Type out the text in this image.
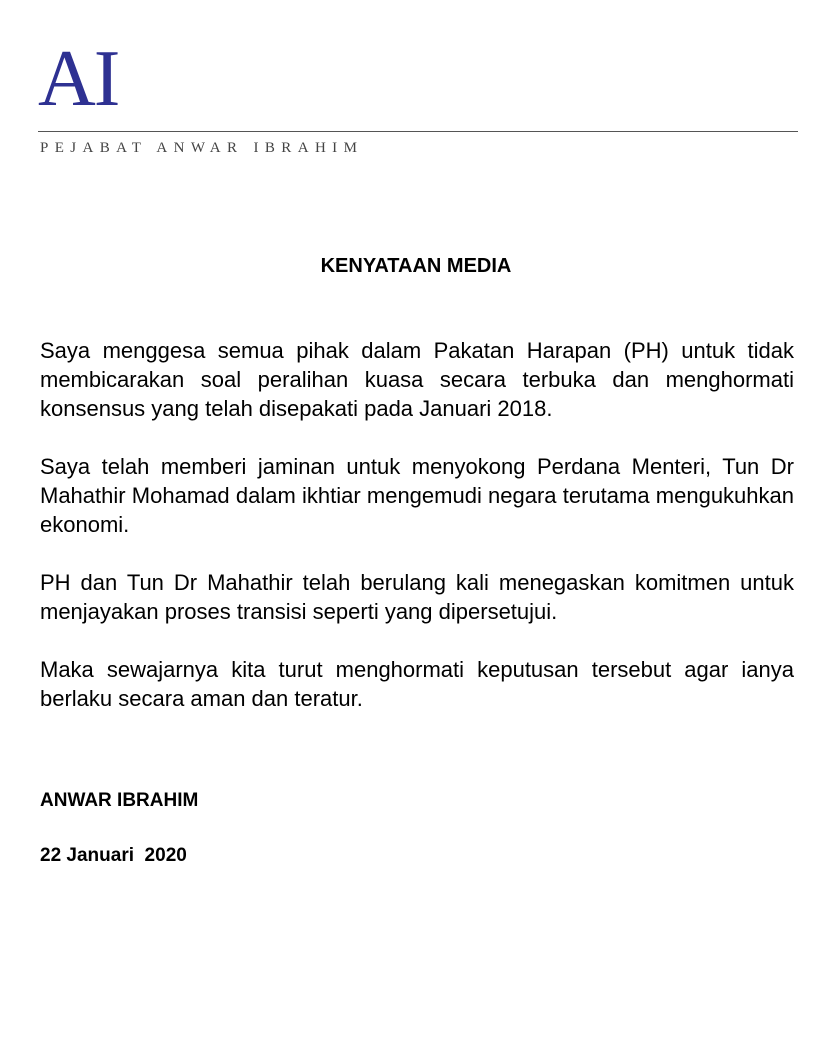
AI
PEJABAT ANWAR IBRAHIM
KENYATAAN MEDIA

Saya menggesa semua pihak dalam Pakatan Harapan (PH) untuk tidak membicarakan soal peralihan kuasa secara terbuka dan menghormati konsensus yang telah disepakati pada Januari 2018.

Saya telah memberi jaminan untuk menyokong Perdana Menteri, Tun Dr Mahathir Mohamad dalam ikhtiar mengemudi negara terutama mengukuhkan ekonomi.

PH dan Tun Dr Mahathir telah berulang kali menegaskan komitmen untuk menjayakan proses transisi seperti yang dipersetujui.

Maka sewajarnya kita turut menghormati keputusan tersebut agar ianya berlaku secara aman dan teratur.

ANWAR IBRAHIM
22 Januari  2020
